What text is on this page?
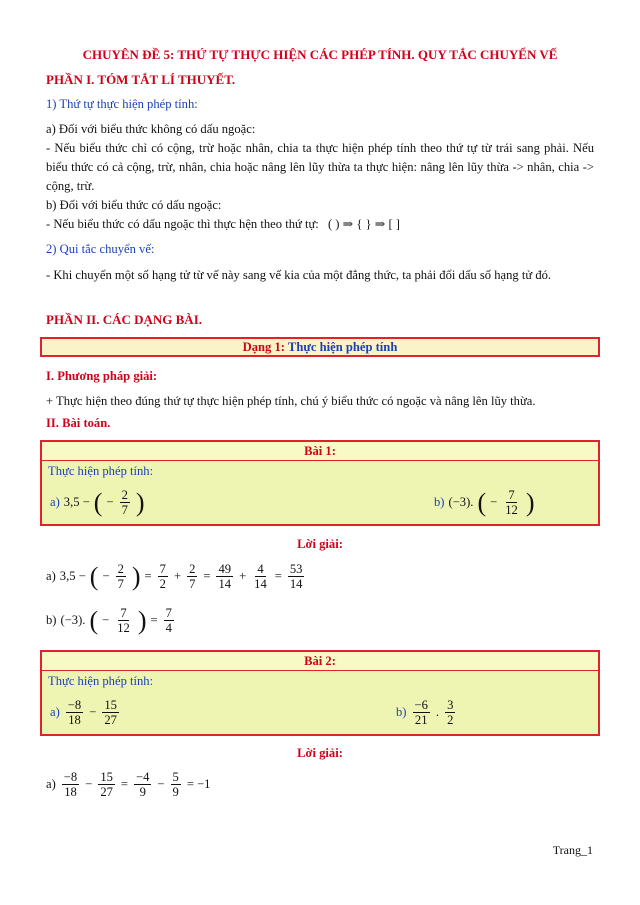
CHUYÊN ĐỀ 5: THỨ TỰ THỰC HIỆN CÁC PHÉP TÍNH. QUY TẮC CHUYỂN VẾ
PHẦN I. TÓM TẮT LÍ THUYẾT.
1) Thứ tự thực hiện phép tính:
a) Đối với biểu thức không có dấu ngoặc:
- Nếu biểu thức chỉ có cộng, trừ hoặc nhân, chia ta thực hiện phép tính theo thứ tự từ trái sang phải. Nếu biểu thức có cả cộng, trừ, nhân, chia hoặc nâng lên lũy thừa ta thực hiện: nâng lên lũy thừa -> nhân, chia -> cộng, trừ.
b) Đối với biểu thức có dấu ngoặc:
- Nếu biểu thức có dấu ngoặc thì thực hện theo thứ tự: ( ) ⇒ { } ⇒ [ ]
2) Qui tắc chuyển vế:
- Khi chuyển một số hạng tử từ vế này sang vế kia của một đẳng thức, ta phải đổi dấu số hạng tử đó.
PHẦN II. CÁC DẠNG BÀI.
Dạng 1: Thực hiện phép tính
I. Phương pháp giải:
+ Thực hiện theo đúng thứ tự thực hiện phép tính, chú ý biểu thức có ngoặc và nâng lên lũy thừa.
II. Bài toán.
Bài 1:
Thực hiện phép tính:
a) 3,5 − ( − $\frac{2}{7}$ )	b) (−3). ( − $\frac{7}{12}$ )
Lời giải:
a) 3,5 − ( − $\frac{2}{7}$ ) = $\frac{7}{2} + \frac{2}{7} = \frac{49}{14} + \frac{4}{14} = \frac{53}{14}$
b) (−3). ( − $\frac{7}{12}$ ) = $\frac{7}{4}$
Bài 2:
Thực hiện phép tính:
$a) \frac{-8}{18} - \frac{15}{27}$	$b) \frac{-6}{21}$ . $\frac{3}{2}$
Lời giải:
$a) \frac{-8}{18} - \frac{15}{27} = \frac{-4}{9} - \frac{5}{9} = -1$
Trang_1
